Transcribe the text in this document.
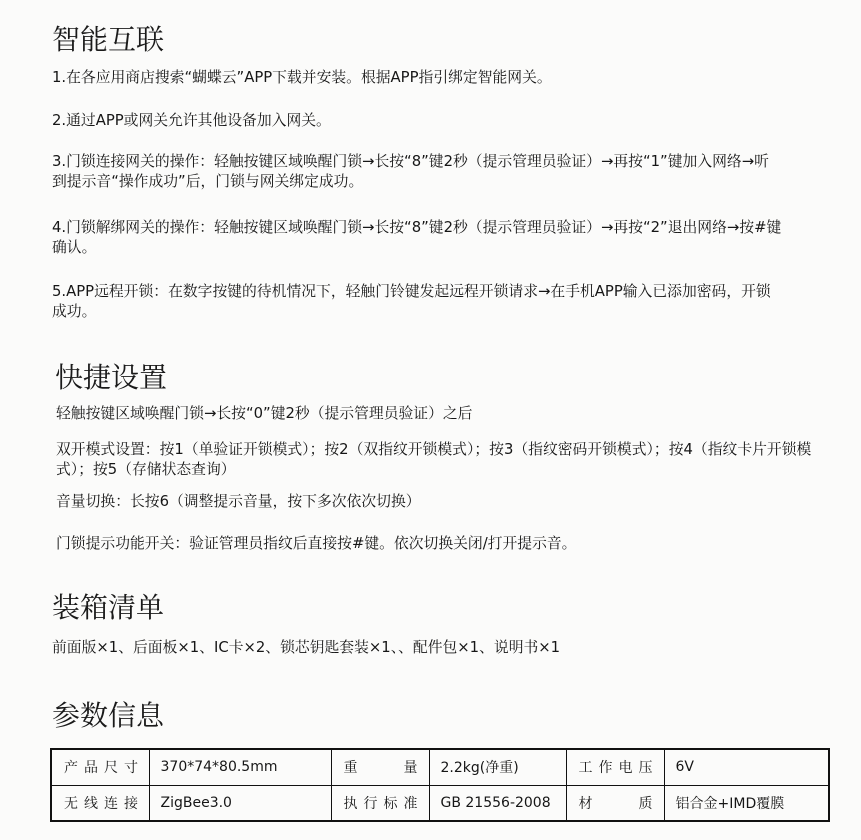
智能互联
1.在各应用商店搜索“蝴蝶云”APP下载并安装。根据APP指引绑定智能网关。
2.通过APP或网关允许其他设备加入网关。
3.门锁连接网关的操作：轻触按键区域唤醒门锁→长按“8”键2秒（提示管理员验证）→再按“1”键加入网络→听
到提示音“操作成功”后，门锁与网关绑定成功。
4.门锁解绑网关的操作：轻触按键区域唤醒门锁→长按“8”键2秒（提示管理员验证）→再按“2”退出网络→按#键
确认。
5.APP远程开锁：在数字按键的待机情况下，轻触门铃键发起远程开锁请求→在手机APP输入已添加密码，开锁
成功。
快捷设置
轻触按键区域唤醒门锁→长按“0”键2秒（提示管理员验证）之后
双开模式设置：按1（单验证开锁模式）；按2（双指纹开锁模式）；按3（指纹密码开锁模式）；按4（指纹卡片开锁模
式）；按5（存储状态查询）
音量切换：长按6（调整提示音量，按下多次依次切换）
门锁提示功能开关：验证管理员指纹后直接按#键。依次切换关闭/打开提示音。
装箱清单
前面版×1、后面板×1、IC卡×2、锁芯钥匙套装×1、、配件包×1、说明书×1
参数信息
产品尺寸	370*74*80.5mm	重量	2.2kg(净重)	工作电压	6V
无线连接	ZigBee3.0	执行标准	GB 21556-2008	材质	铝合金+IMD覆膜
